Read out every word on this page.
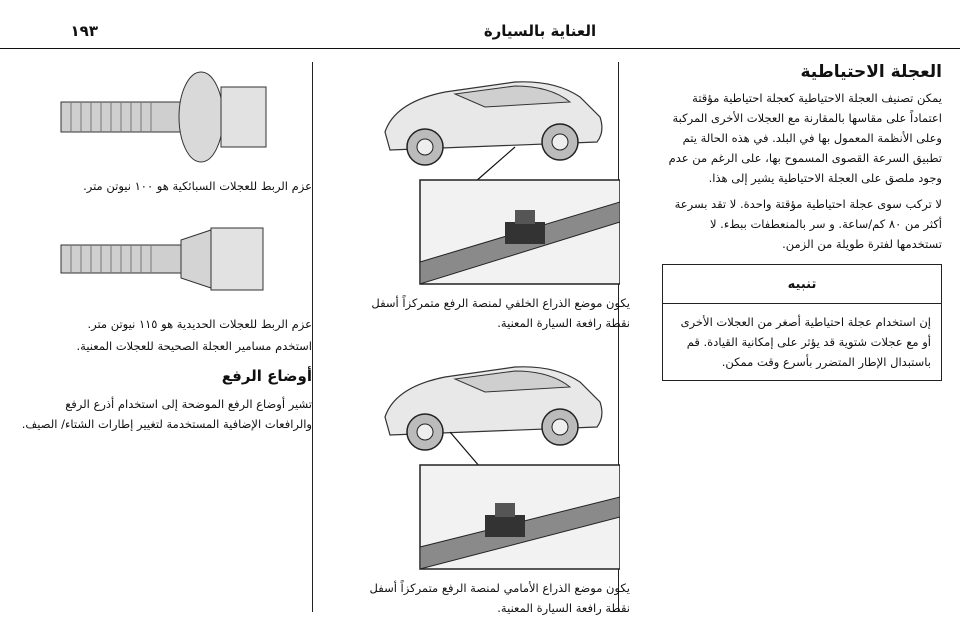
١٩٣	العناية بالسيارة
العجلة الاحتياطية

يمكن تصنيف العجلة الاحتياطية كعجلة احتياطية مؤقتة اعتماداً على مقاسها بالمقارنة مع العجلات الأخرى المركبة وعلى الأنظمة المعمول بها في البلد. في هذه الحالة يتم تطبيق السرعة القصوى المسموح بها، على الرغم من عدم وجود ملصق على العجلة الاحتياطية يشير إلى هذا.

لا تركب سوى عجلة احتياطية مؤقتة واحدة. لا تقد بسرعة أكثر من ٨٠ كم/ساعة. و سر بالمنعطفات ببطء. لا تستخدمها لفترة طويلة من الزمن.

تنبيه
إن استخدام عجلة احتياطية أصغر من العجلات الأخرى أو مع عجلات شتوية قد يؤثر على إمكانية القيادة. قم باستبدال الإطار المتضرر بأسرع وقت ممكن.

يكون موضع الذراع الخلفي لمنصة الرفع متمركزاً أسفل نقطة رافعة السيارة المعنية.

يكون موضع الذراع الأمامي لمنصة الرفع متمركزاً أسفل نقطة رافعة السيارة المعنية.

عزم الربط للعجلات السبائكية هو ١٠٠ نيوتن متر.

عزم الربط للعجلات الحديدية هو ١١٥ نيوتن متر.

استخدم مسامير العجلة الصحيحة للعجلات المعنية.

أوضاع الرفع

تشير أوضاع الرفع الموضحة إلى استخدام أذرع الرفع والرافعات الإضافية المستخدمة لتغيير إطارات الشتاء/ الصيف.
